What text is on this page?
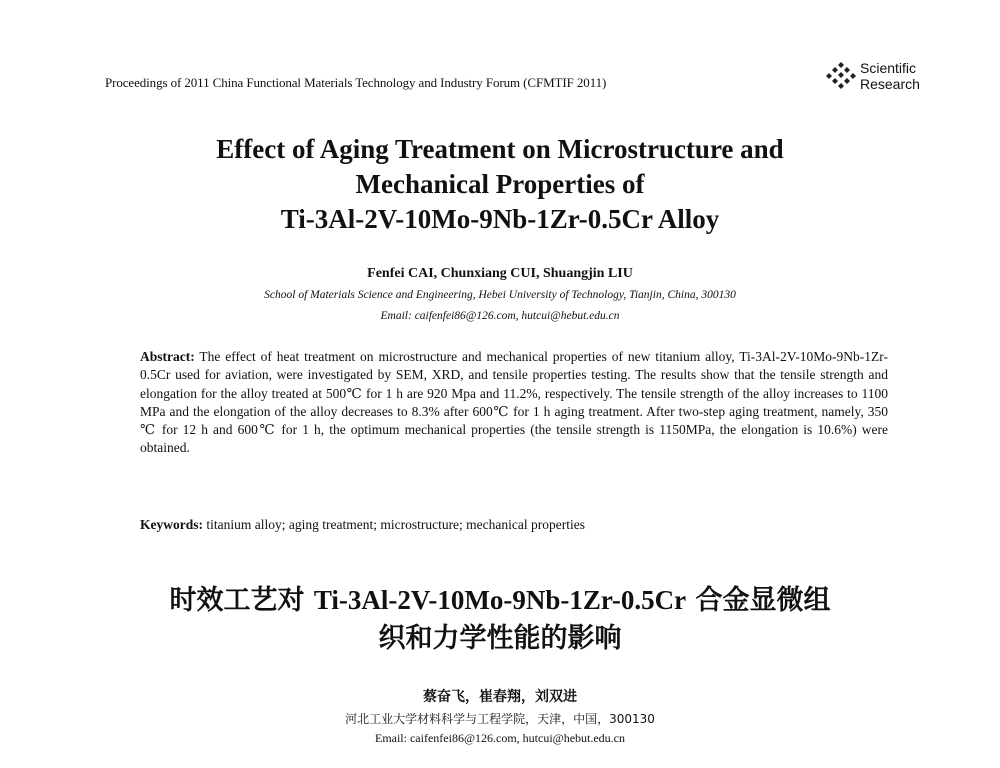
Proceedings of 2011 China Functional Materials Technology and Industry Forum (CFMTIF 2011)
Scientific
Research
Effect of Aging Treatment on Microstructure and
Mechanical Properties of
Ti-3Al-2V-10Mo-9Nb-1Zr-0.5Cr Alloy
Fenfei CAI, Chunxiang CUI, Shuangjin LIU
School of Materials Science and Engineering, Hebei University of Technology, Tianjin, China, 300130
Email: caifenfei86@126.com, hutcui@hebut.edu.cn
Abstract: The effect of heat treatment on microstructure and mechanical properties of new titanium alloy, Ti-3Al-2V-10Mo-9Nb-1Zr-0.5Cr used for aviation, were investigated by SEM, XRD, and tensile properties testing. The results show that the tensile strength and elongation for the alloy treated at 500℃ for 1 h are 920 Mpa and 11.2%, respectively. The tensile strength of the alloy increases to 1100 MPa and the elongation of the alloy decreases to 8.3% after 600℃ for 1 h aging treatment. After two-step aging treatment, namely, 350 ℃ for 12 h and 600℃ for 1 h, the optimum mechanical properties (the tensile strength is 1150MPa, the elongation is 10.6%) were obtained.
Keywords: titanium alloy; aging treatment; microstructure; mechanical properties
时效工艺对 Ti-3Al-2V-10Mo-9Nb-1Zr-0.5Cr 合金显微组
织和力学性能的影响
蔡奋飞，崔春翔，刘双进
河北工业大学材料科学与工程学院，天津，中国，300130
Email: caifenfei86@126.com, hutcui@hebut.edu.cn
